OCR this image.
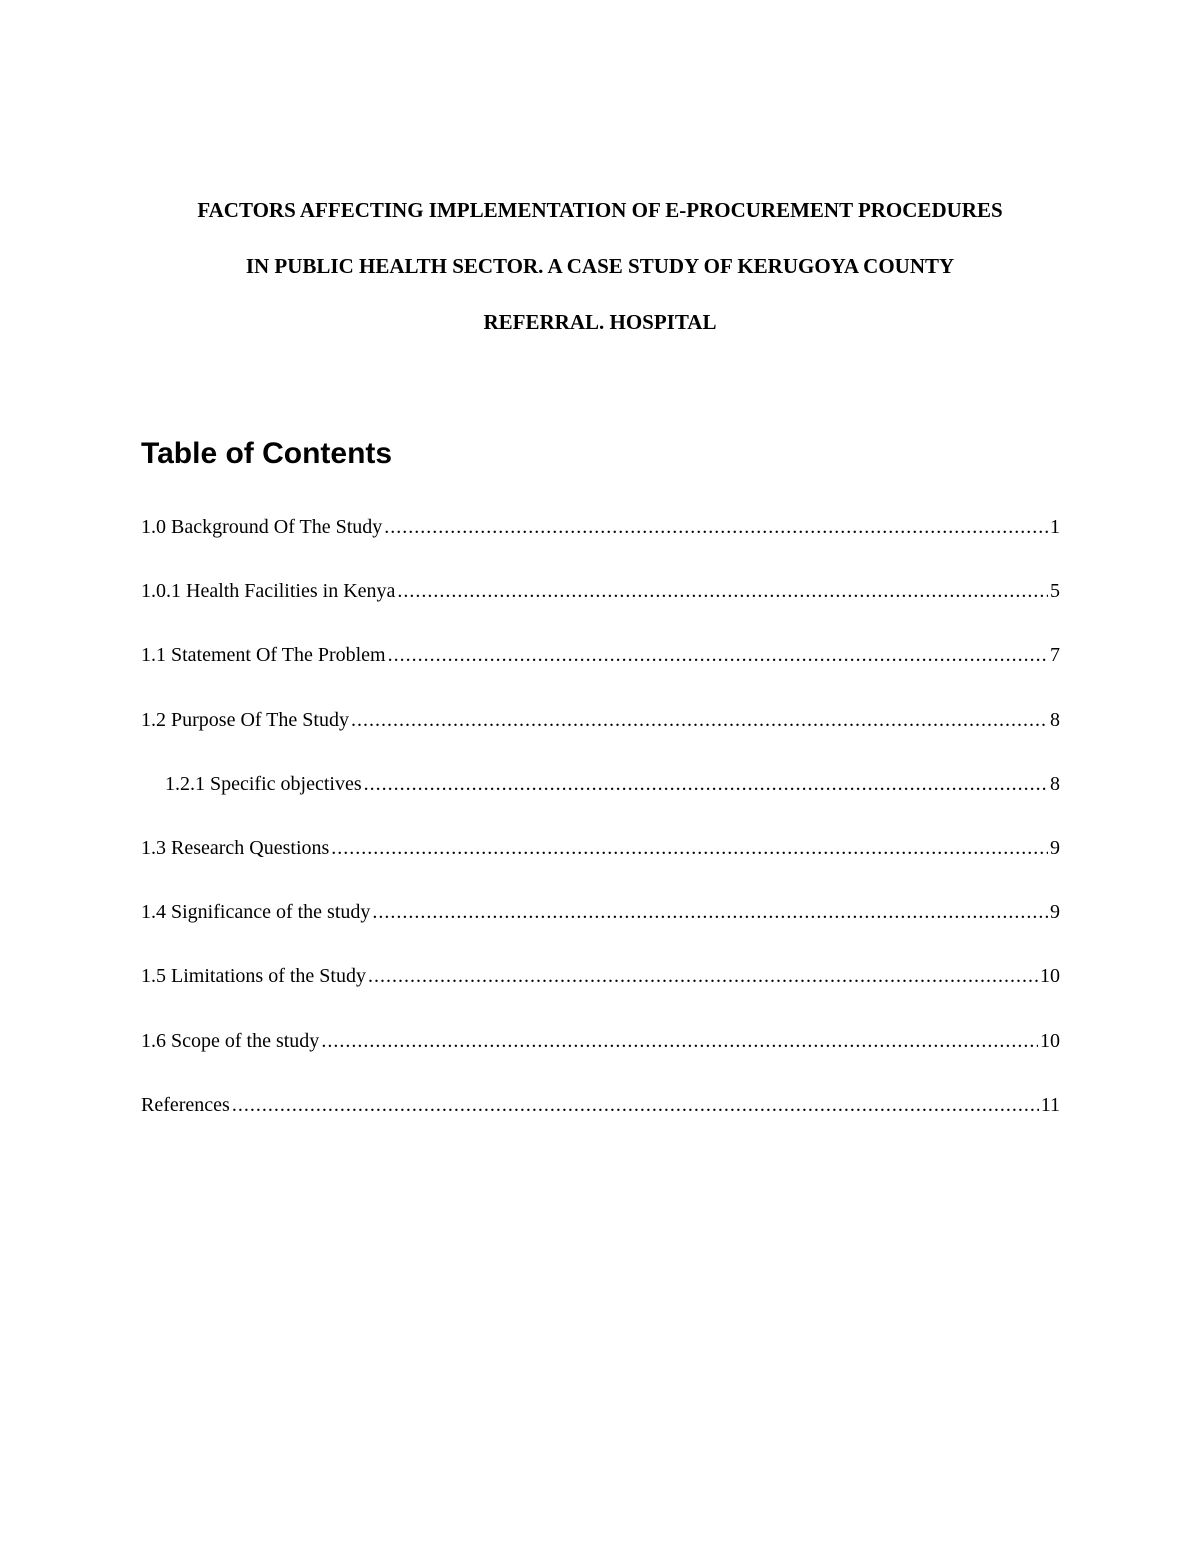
FACTORS AFFECTING IMPLEMENTATION OF E-PROCUREMENT PROCEDURES
IN PUBLIC HEALTH SECTOR. A CASE STUDY OF KERUGOYA COUNTY
REFERRAL. HOSPITAL
Table of Contents
1.0 Background Of The Study .....	1
1.0.1 Health Facilities in Kenya .....	5
1.1 Statement Of The Problem .....	7
1.2 Purpose Of The Study .....	8
1.2.1 Specific objectives .....	8
1.3 Research Questions .....	9
1.4 Significance of the study .....	9
1.5 Limitations of the Study .....	10
1.6 Scope of the study .....	10
References .....	11
